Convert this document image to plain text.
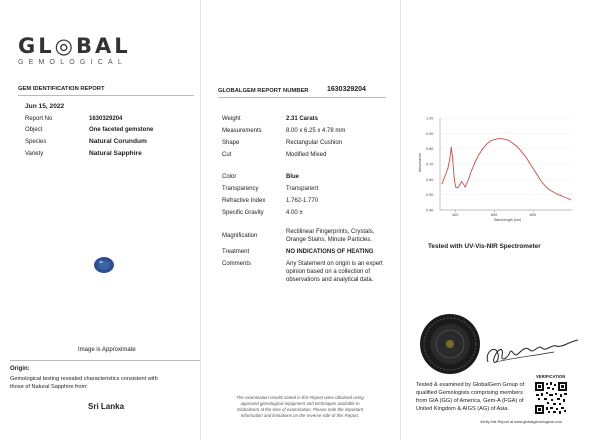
GL◎BAL
GEMOLOGICAL
GEM IDENTIFICATION REPORT
Jun 15, 2022
Report No	1630329204
Object	One faceted gemstone
Species	Natural Corundum
Variety	Natural Sapphire
Image is Approximate
Origin:
Gemological testing revealed characteristics consistent with
those of Natural Sapphire from:
Sri Lanka
GLOBALGEM REPORT NUMBER	1630329204
Weight	2.31 Carats
Measurements	8.00 x 6.25 x 4.78 mm
Shape	Rectangular Cushion
Cut	Modified Mixed
Color	Blue
Transparency	Transparent
Refractive Index	1.762-1.770
Specific Gravity	4.00 ±
Magnification
Rectilinear Fingerprints, Crystals,
Orange Stains, Minute Particles.
Treatment	NO INDICATIONS OF HEATING
Comments	Any Statement on origin is an expert
opinion based on a collection of
observations and analytical data.
The examination results stated in this Report were obtained using
approved gemological equipment and techniques available to
GlobalGem at the time of examination. Please note the important
information and limitations on the reverse side of this Report.
1.00
0.90
0.80
0.70
0.60
0.50
0.40
400	600	800
Wavelength (nm)
Absorbance
Tested with UV-Vis-NIR Spectrometer
Tested & examined by GlobalGem Group of
qualified Gemologists comprising members
from GIA (GG) of America, Gem-A (FGA) of
United Kingdom & AIGS (AG) of Asia.
VERIFICATION
Verify this Report at www.globalgemological.com
